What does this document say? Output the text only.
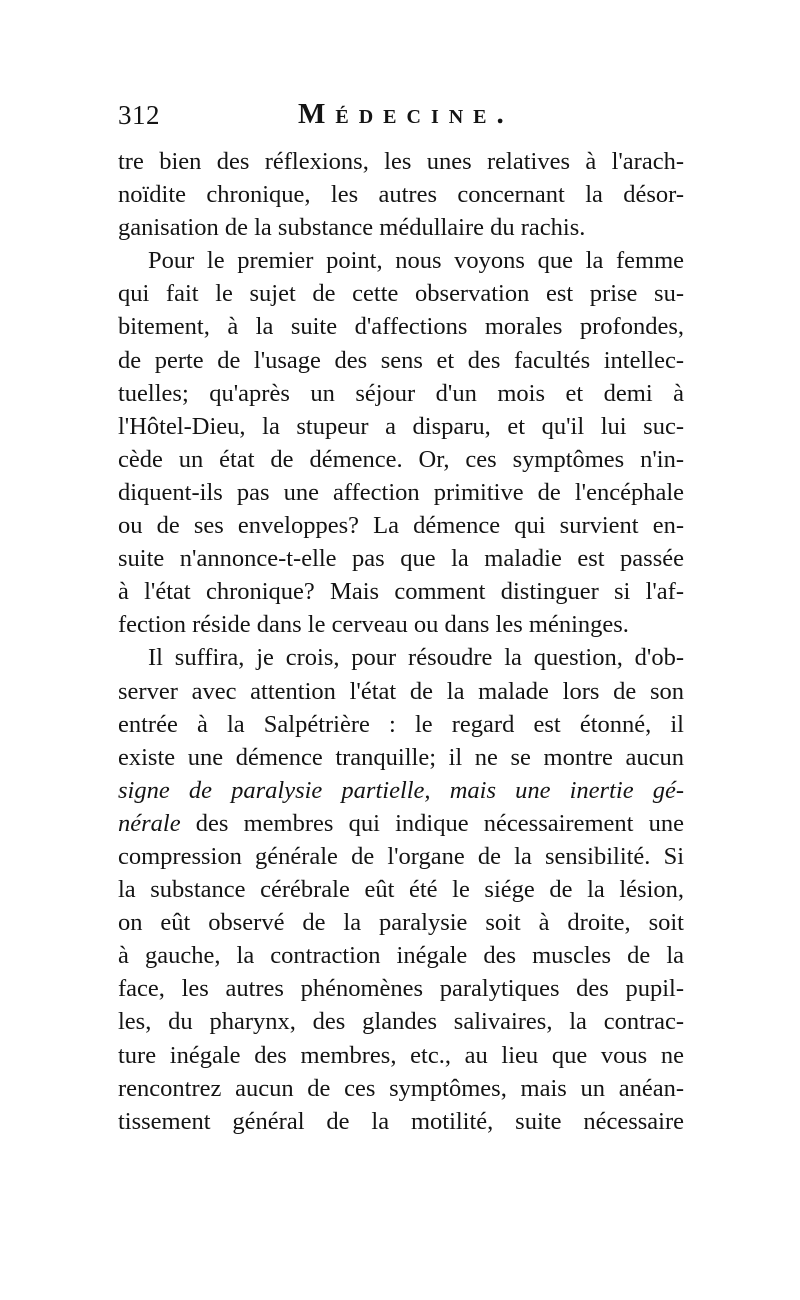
312	Médecine.
tre bien des réflexions, les unes relatives à l'arach-
noïdite chronique, les autres concernant la désor-
ganisation de la substance médullaire du rachis.
Pour le premier point, nous voyons que la femme
qui fait le sujet de cette observation est prise su-
bitement, à la suite d'affections morales profondes,
de perte de l'usage des sens et des facultés intellec-
tuelles; qu'après un séjour d'un mois et demi à
l'Hôtel-Dieu, la stupeur a disparu, et qu'il lui suc-
cède un état de démence. Or, ces symptômes n'in-
diquent-ils pas une affection primitive de l'encéphale
ou de ses enveloppes? La démence qui survient en-
suite n'annonce-t-elle pas que la maladie est passée
à l'état chronique? Mais comment distinguer si l'af-
fection réside dans le cerveau ou dans les méninges.
Il suffira, je crois, pour résoudre la question, d'ob-
server avec attention l'état de la malade lors de son
entrée à la Salpétrière : le regard est étonné, il
existe une démence tranquille; il ne se montre aucun
signe de paralysie partielle, mais une inertie gé-
nérale des membres qui indique nécessairement une
compression générale de l'organe de la sensibilité. Si
la substance cérébrale eût été le siége de la lésion,
on eût observé de la paralysie soit à droite, soit
à gauche, la contraction inégale des muscles de la
face, les autres phénomènes paralytiques des pupil-
les, du pharynx, des glandes salivaires, la contrac-
ture inégale des membres, etc., au lieu que vous ne
rencontrez aucun de ces symptômes, mais un anéan-
tissement général de la motilité, suite nécessaire
